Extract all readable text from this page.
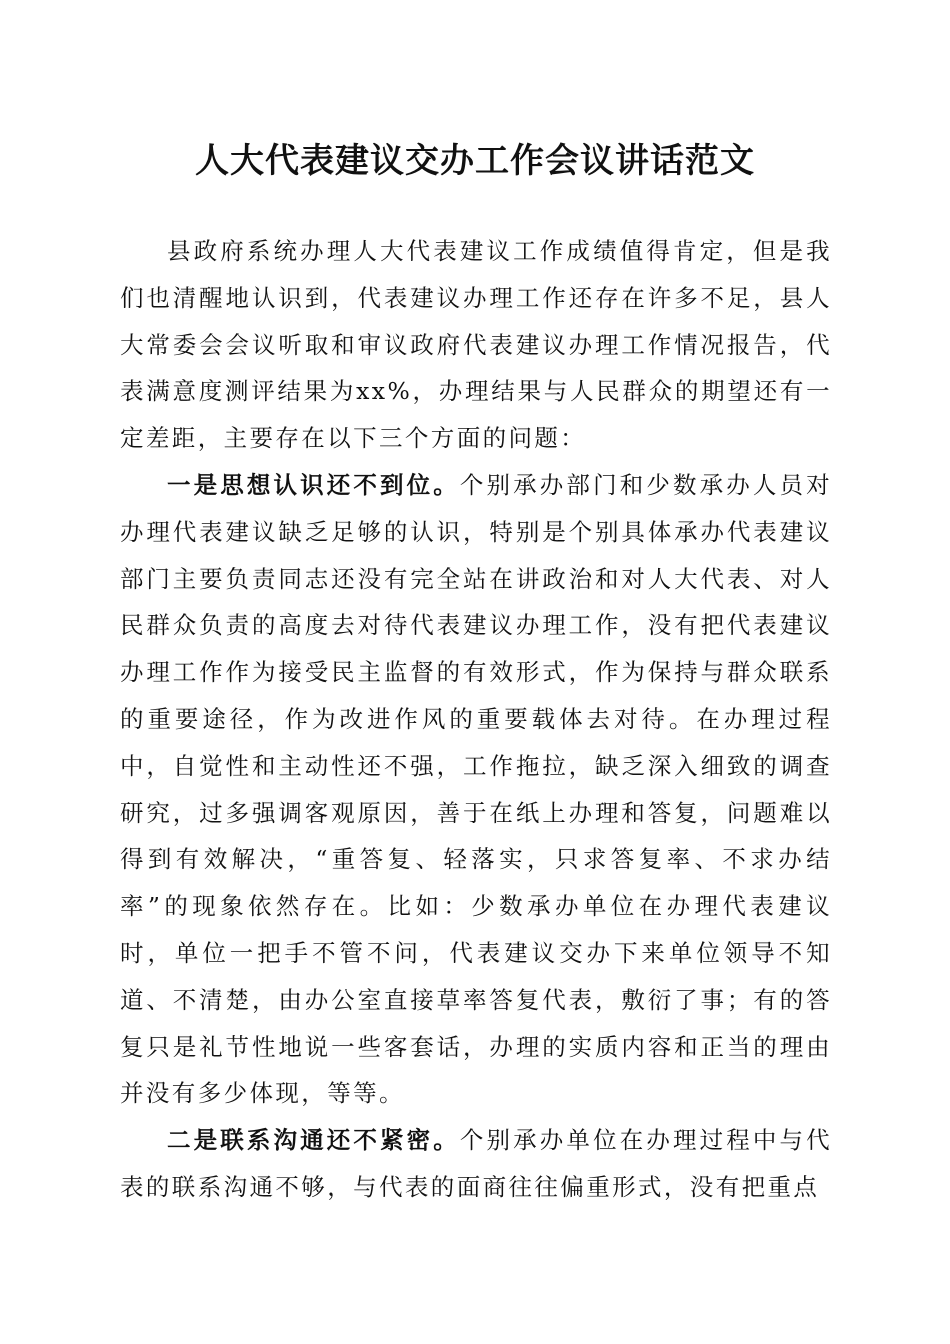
人大代表建议交办工作会议讲话范文

县政府系统办理人大代表建议工作成绩值得肯定，但是我们也清醒地认识到，代表建议办理工作还存在许多不足，县人大常委会会议听取和审议政府代表建议办理工作情况报告，代表满意度测评结果为xx%，办理结果与人民群众的期望还有一定差距，主要存在以下三个方面的问题：

一是思想认识还不到位。个别承办部门和少数承办人员对办理代表建议缺乏足够的认识，特别是个别具体承办代表建议部门主要负责同志还没有完全站在讲政治和对人大代表、对人民群众负责的高度去对待代表建议办理工作，没有把代表建议办理工作作为接受民主监督的有效形式，作为保持与群众联系的重要途径，作为改进作风的重要载体去对待。在办理过程中，自觉性和主动性还不强，工作拖拉，缺乏深入细致的调查研究，过多强调客观原因，善于在纸上办理和答复，问题难以得到有效解决，“重答复、轻落实，只求答复率、不求办结率”的现象依然存在。比如：少数承办单位在办理代表建议时，单位一把手不管不问，代表建议交办下来单位领导不知道、不清楚，由办公室直接草率答复代表，敷衍了事；有的答复只是礼节性地说一些客套话，办理的实质内容和正当的理由并没有多少体现，等等。

二是联系沟通还不紧密。个别承办单位在办理过程中与代表的联系沟通不够，与代表的面商往往偏重形式，没有把重点
